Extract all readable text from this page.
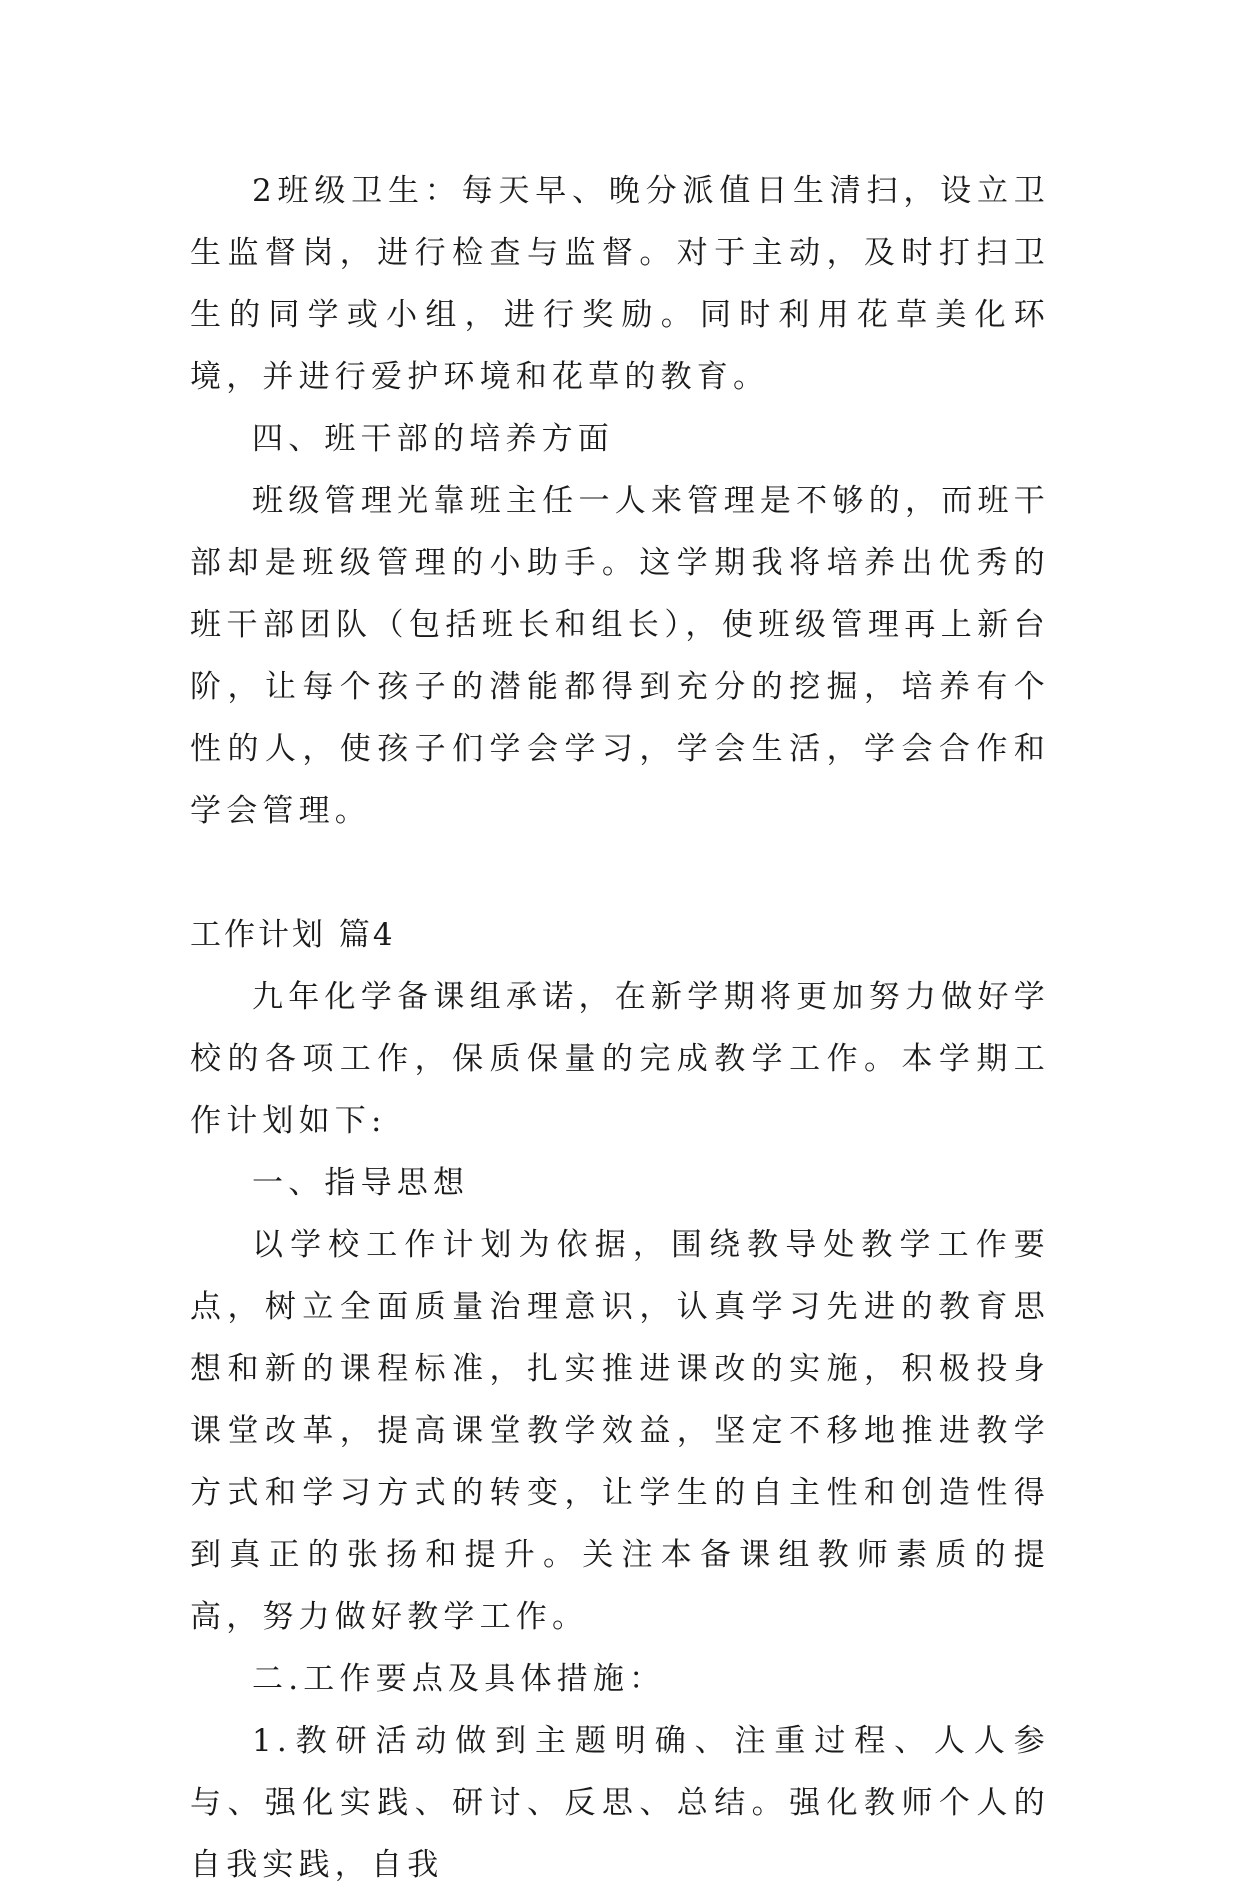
2班级卫生：每天早、晚分派值日生清扫，设立卫生监督岗，进行检查与监督。对于主动，及时打扫卫生的同学或小组，进行奖励。同时利用花草美化环境，并进行爱护环境和花草的教育。

四、班干部的培养方面

班级管理光靠班主任一人来管理是不够的，而班干部却是班级管理的小助手。这学期我将培养出优秀的班干部团队（包括班长和组长），使班级管理再上新台阶，让每个孩子的潜能都得到充分的挖掘，培养有个性的人，使孩子们学会学习，学会生活，学会合作和学会管理。

工作计划 篇4

九年化学备课组承诺，在新学期将更加努力做好学校的各项工作，保质保量的完成教学工作。本学期工作计划如下:

一、指导思想

以学校工作计划为依据，围绕教导处教学工作要点，树立全面质量治理意识，认真学习先进的教育思想和新的课程标准，扎实推进课改的实施，积极投身课堂改革，提高课堂教学效益，坚定不移地推进教学方式和学习方式的转变，让学生的自主性和创造性得到真正的张扬和提升。关注本备课组教师素质的提高，努力做好教学工作。

二.工作要点及具体措施：

1.教研活动做到主题明确、注重过程、人人参与、强化实践、研讨、反思、总结。强化教师个人的自我实践，自我
